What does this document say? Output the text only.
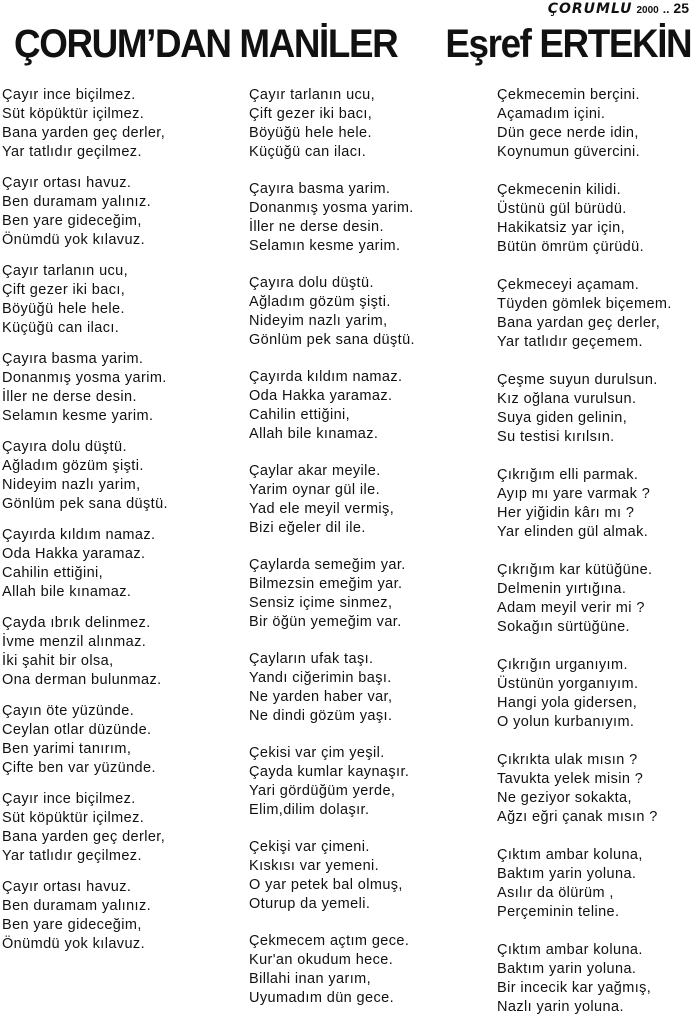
ÇORUMLU 2000 .. 25
ÇORUM’DAN MANİLER Eşref ERTEKİN
Çayır ince biçilmez.
Süt köpüktür içilmez.
Bana yarden geç derler,
Yar tatlıdır geçilmez.
Çayır ortası havuz.
Ben duramam yalınız.
Ben yare gideceğim,
Önümdü yok kılavuz.
Çayır tarlanın ucu,
Çift gezer iki bacı,
Böyüğü hele hele.
Küçüğü can ilacı.
Çayıra basma yarim.
Donanmış yosma yarim.
İller ne derse desin.
Selamın kesme yarim.
Çayıra dolu düştü.
Ağladım gözüm şişti.
Nideyim nazlı yarim,
Gönlüm pek sana düştü.
Çayırda kıldım namaz.
Oda Hakka yaramaz.
Cahilin ettiğini,
Allah bile kınamaz.
Çayda ıbrık delinmez.
İvme menzil alınmaz.
İki şahit bir olsa,
Ona derman bulunmaz.
Çayın öte yüzünde.
Ceylan otlar düzünde.
Ben yarimi tanırım,
Çifte ben var yüzünde.
Çayır ince biçilmez.
Süt köpüktür içilmez.
Bana yarden geç derler,
Yar tatlıdır geçilmez.
Çayır ortası havuz.
Ben duramam yalınız.
Ben yare gideceğim,
Önümdü yok kılavuz.
Çayır tarlanın ucu,
Çift gezer iki bacı,
Böyüğü hele hele.
Küçüğü can ilacı.
Çayıra basma yarim.
Donanmış yosma yarim.
İller ne derse desin.
Selamın kesme yarim.
Çayıra dolu düştü.
Ağladım gözüm şişti.
Nideyim nazlı yarim,
Gönlüm pek sana düştü.
Çayırda kıldım namaz.
Oda Hakka yaramaz.
Cahilin ettiğini,
Allah bile kınamaz.
Çaylar akar meyile.
Yarim oynar gül ile.
Yad ele meyil vermiş,
Bizi eğeler dil ile.
Çaylarda semeğim yar.
Bilmezsin emeğim yar.
Sensiz içime sinmez,
Bir öğün yemeğim var.
Çayların ufak taşı.
Yandı ciğerimin başı.
Ne yarden haber var,
Ne dindi gözüm yaşı.
Çekisi var çim yeşil.
Çayda kumlar kaynaşır.
Yari gördüğüm yerde,
Elim,dilim dolaşır.
Çekişi var çimeni.
Kıskısı var yemeni.
O yar petek bal olmuş,
Oturup da yemeli.
Çekmecem açtım gece.
Kur'an okudum hece.
Billahi inan yarım,
Uyumadım dün gece.
Çekmecemin berçini.
Açamadım içini.
Dün gece nerde idin,
Koynumun güvercini.
Çekmecenin kilidi.
Üstünü gül bürüdü.
Hakikatsiz yar için,
Bütün ömrüm çürüdü.
Çekmeceyi açamam.
Tüyden gömlek biçemem.
Bana yardan geç derler,
Yar tatlıdır geçemem.
Çeşme suyun durulsun.
Kız oğlana vurulsun.
Suya giden gelinin,
Su testisi kırılsın.
Çıkrığım elli parmak.
Ayıp mı yare varmak ?
Her yiğidin kârı mı ?
Yar elinden gül almak.
Çıkrığım kar kütüğüne.
Delmenin yırtığına.
Adam meyil verir mi ?
Sokağın sürtüğüne.
Çıkrığın urganıyım.
Üstünün yorganıyım.
Hangi yola gidersen,
O yolun kurbanıyım.
Çıkrıkta ulak mısın ?
Tavukta yelek misin ?
Ne geziyor sokakta,
Ağzı eğri çanak mısın ?
Çıktım ambar koluna,
Baktım yarin yoluna.
Asılır da ölürüm ,
Perçeminin teline.
Çıktım ambar koluna.
Baktım yarin yoluna.
Bir incecik kar yağmış,
Nazlı yarin yoluna.
